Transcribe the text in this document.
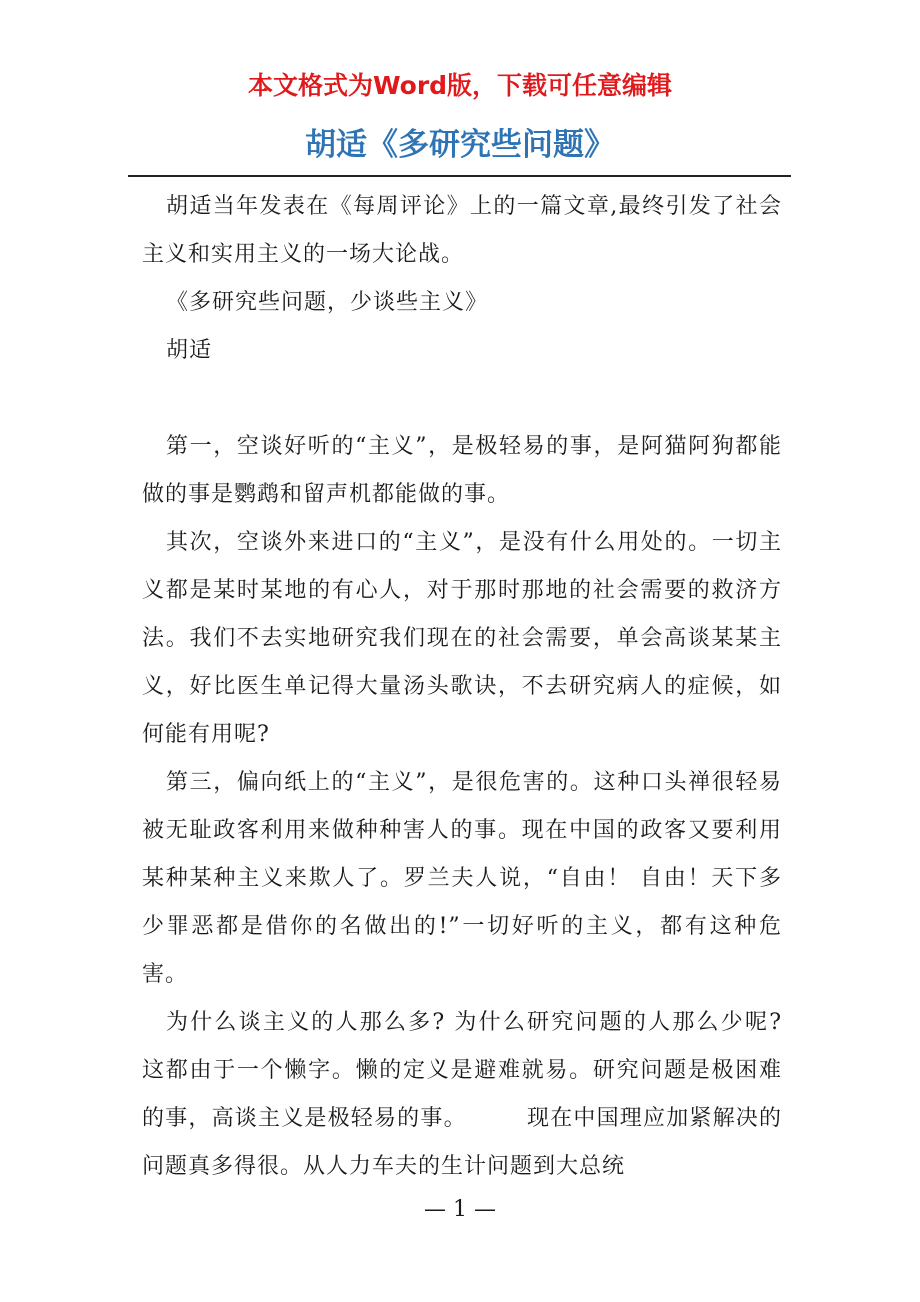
本文格式为Word版，下载可任意编辑
胡适《多研究些问题》

胡适当年发表在《每周评论》上的一篇文章,最终引发了社会主义和实用主义的一场大论战。

《多研究些问题，少谈些主义》

胡适

第一，空谈好听的“主义”，是极轻易的事，是阿猫阿狗都能做的事是鹦鹉和留声机都能做的事。

其次，空谈外来进口的“主义”，是没有什么用处的。一切主义都是某时某地的有心人，对于那时那地的社会需要的救济方法。我们不去实地研究我们现在的社会需要，单会高谈某某主义，好比医生单记得大量汤头歌诀，不去研究病人的症候，如何能有用呢?

第三，偏向纸上的“主义”，是很危害的。这种口头禅很轻易被无耻政客利用来做种种害人的事。现在中国的政客又要利用某种某种主义来欺人了。罗兰夫人说，“自由！ 自由！天下多少罪恶都是借你的名做出的!”一切好听的主义，都有这种危害。

为什么谈主义的人那么多? 为什么研究问题的人那么少呢? 这都由于一个懒字。懒的定义是避难就易。研究问题是极困难的事，高谈主义是极轻易的事。	现在中国理应加紧解决的问题真多得很。从人力车夫的生计问题到大总统

— 1 —
